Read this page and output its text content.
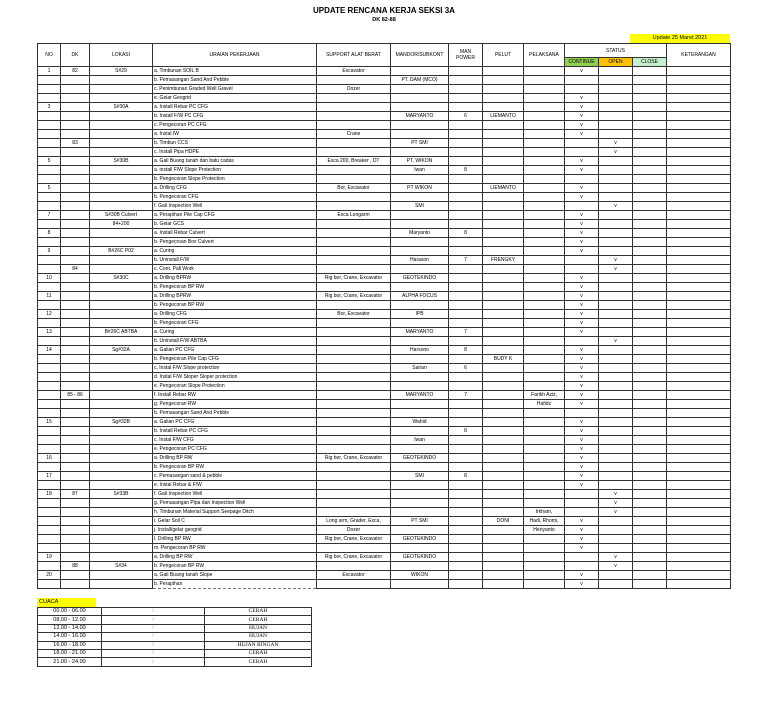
UPDATE RENCANA KERJA SEKSI 3A
DK 82-88
Update 25 Maret 2021
NO	DK	LOKASI	URAIAN PEKERJAAN	SUPPORT ALAT BERAT	MANDOR/SUBKONT	MAN POWER	PELUT	PELAKSANA	STATUS			KETERANGAN
									CONTINUE	OPEN	CLOSE	
1	82	S#29	a. Timbunan SOIL B	Excavator					v			
			b. Pemasangan Sand And Pebble		PT. DAM (MCO)							
			c. Penimbunan Graded Well Gravel	Dozer								
			e. Gelar Geogrid						v			
3		S#30A	a. Install Rebar PC CFG						v			
			b. Install F/W PC CFG		MARYANTO	6	LIEMANTO		v			
			c. Pengecoran PC CFG						v			
			a. Instal IW	Crane					v			
	83		b. Timbun CCS		PT SMI					v		
			c. Install Pipa HDPE							v		
5		S#30B	a. Gali Buang tanah dan batu cadas	Exca 200, Breaker , DT	PT. WIKON				v			
			a. install F/W Slope Protection		Iwan	8			v			
			b. Pengecoran Slope Protection									
5			a. Drilling CFG	Bor, Excavator	PT WIKON		LIEMANTO		v			
			b. Pengecoran CFG						v			
			f. Gali Inspection Well		SMI					v		
7		S#30B Culvert	a. Perapihan Pile Cap CFG	Exca Longarm					v			
		84+200	b. Gelar GCS						v			
8			a. Install Rebar Culvert		Maryanto	8			v			
			b. Pengecroan Box Culvert						v			
9		B#26C P02	a. Curing						v			
			b. Uninstall F/W		Harason	7	FRENGKY			v		
	84		c. Cont. Pall Work							v		
10		S#30C	a. Drilling BPRW	Rig bor, Crane, Excavator	GEOTEKINDO				v			
			b. Pengecoran BP RW						v			
11			a. Drilling BPRW	Rig bor, Crane, Excavator	ALPHA FOCUS				v			
			b. Pengecoran BP RW						v			
12			a. Drilling CFG	Bor, Excavator	IPB				v			
			b. Pengecoran CFG						v			
13		B#26C ABTBA	a. Curing		MARYANTO	7			v			
			b. Uninstall F/W ABTBA							v		
14		Sg#32A	a. Galian PC CFG		Harsono	8			v			
			b. Pengecoran Pile Cap CFG				BUDY K		v			
			c. Instal F/W Slope protection		Sairan	6			v			
			d. Instal F/W Stoper Sloper protection						v			
			e. Pengecoran Slope Protection						v			
	85 - 86		f. Install Rebar RW		MARYANTO	7		Farikh Aziz,	v			
			g. Pengecoran RW					Hafidz	v			
			b. Pemasangan Sand And Pebble									
15		Sg#32B	a. Galian PC CFG		Wahid				v			
			b. Install Rebar PC CFG			8			v			
			c. Instal F/W CFG		Iwan				v			
			e. Pengecoran PC CFG						v			
16			a. Drilling BP RW	Rig bor, Crane, Excavator	GEOTEKINDO				v			
			b. Pengecoran BP RW						v			
17			c. Pemasangan sand & pebble		SMI	8			v			
			e. Instal Rebar & F/W						v			
18	87	S#33B	f. Gali Inspection Well							v		
			g. Pemasangan Pipa dan Inspection Well							v		
			h. Timbunan Material Support Seepage Ditch					Irkham,		v		
			i. Gelar Soil C	Long arm, Grader, Exca,	PT SMI		DONI	Hadi, Rhomi,	v			
			j. Install/gelar geogrid	Dozer				Heriyanto	v			
			l. Drilling BP RW	Rig bor, Crane, Excavator	GEOTEKINDO				v			
			m. Pengecoran BP RW						v			
19			a. Drilling BP RW	Rig bor, Crane, Excavator	GEOTEKINDO					v		
	88	S#34	b. Pengecoran BP RW							v		
20			a. Gali Buang tanah Slope	Excavator	WIKON				v			
			b. Perapihan						v			
CUACA
00.00 - 06.00	:	CERAH
08.00 - 12.00	:	CERAH
12.00 - 14.00	:	HUJAN
14.00 - 16.00	:	HUJAN
16.00 - 18.00	:	HUJAN RINGAN
18.00 - 21.00	:	CERAH
21.00 - 24.00	:	CERAH
